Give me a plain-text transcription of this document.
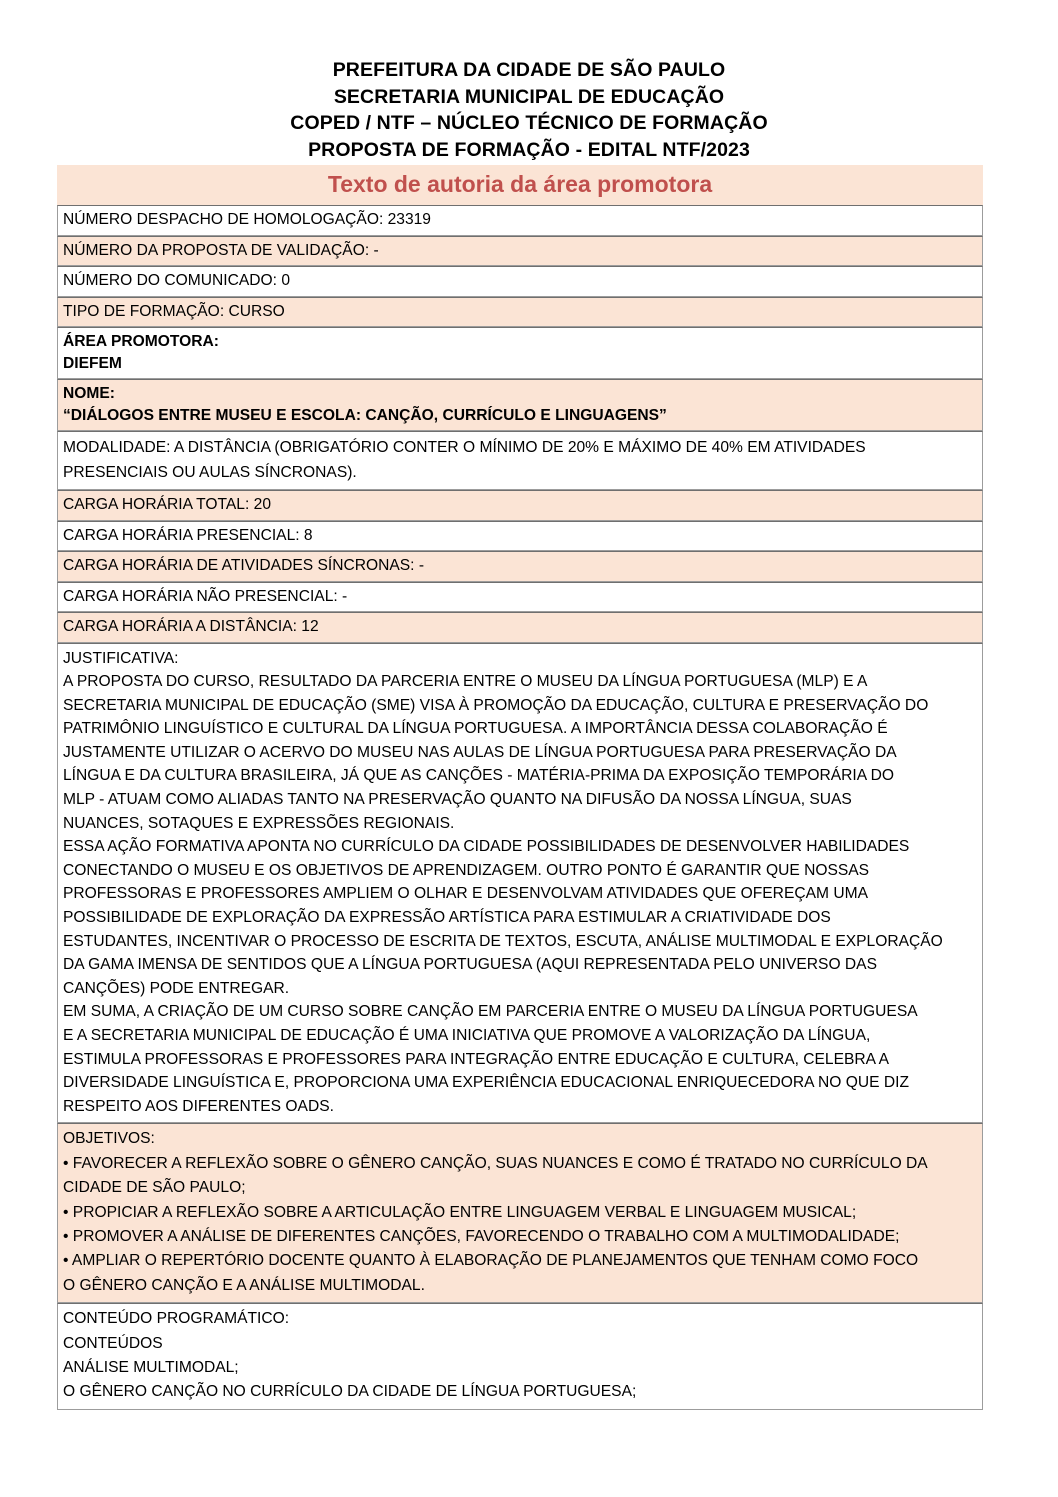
PREFEITURA DA CIDADE DE SÃO PAULO
SECRETARIA MUNICIPAL DE EDUCAÇÃO
COPED / NTF – NÚCLEO TÉCNICO DE FORMAÇÃO
PROPOSTA DE FORMAÇÃO - EDITAL NTF/2023
Texto de autoria da área promotora
NÚMERO DESPACHO DE HOMOLOGAÇÃO: 23319

NÚMERO DA PROPOSTA DE VALIDAÇÃO: -

NÚMERO DO COMUNICADO: 0

TIPO DE FORMAÇÃO: CURSO

ÁREA PROMOTORA:
DIEFEM

NOME:
“DIÁLOGOS ENTRE MUSEU E ESCOLA: CANÇÃO, CURRÍCULO E LINGUAGENS”

MODALIDADE: A DISTÂNCIA (OBRIGATÓRIO CONTER O MÍNIMO DE 20% E MÁXIMO DE 40% EM ATIVIDADES
PRESENCIAIS OU AULAS SÍNCRONAS).

CARGA HORÁRIA TOTAL: 20

CARGA HORÁRIA PRESENCIAL: 8

CARGA HORÁRIA DE ATIVIDADES SÍNCRONAS: -

CARGA HORÁRIA NÃO PRESENCIAL: -

CARGA HORÁRIA A DISTÂNCIA: 12

JUSTIFICATIVA:
A PROPOSTA DO CURSO, RESULTADO DA PARCERIA ENTRE O MUSEU DA LÍNGUA PORTUGUESA (MLP) E A
SECRETARIA MUNICIPAL DE EDUCAÇÃO (SME) VISA À PROMOÇÃO DA EDUCAÇÃO, CULTURA E PRESERVAÇÃO DO
PATRIMÔNIO LINGUÍSTICO E CULTURAL DA LÍNGUA PORTUGUESA. A IMPORTÂNCIA DESSA COLABORAÇÃO É
JUSTAMENTE UTILIZAR O ACERVO DO MUSEU NAS AULAS DE LÍNGUA PORTUGUESA PARA PRESERVAÇÃO DA
LÍNGUA E DA CULTURA BRASILEIRA, JÁ QUE AS CANÇÕES - MATÉRIA-PRIMA DA EXPOSIÇÃO TEMPORÁRIA DO
MLP - ATUAM COMO ALIADAS TANTO NA PRESERVAÇÃO QUANTO NA DIFUSÃO DA NOSSA LÍNGUA, SUAS
NUANCES, SOTAQUES E EXPRESSÕES REGIONAIS.
ESSA AÇÃO FORMATIVA APONTA NO CURRÍCULO DA CIDADE POSSIBILIDADES DE DESENVOLVER HABILIDADES
CONECTANDO O MUSEU E OS OBJETIVOS DE APRENDIZAGEM. OUTRO PONTO É GARANTIR QUE NOSSAS
PROFESSORAS E PROFESSORES AMPLIEM O OLHAR E DESENVOLVAM ATIVIDADES QUE OFEREÇAM UMA
POSSIBILIDADE DE EXPLORAÇÃO DA EXPRESSÃO ARTÍSTICA PARA ESTIMULAR A CRIATIVIDADE DOS
ESTUDANTES, INCENTIVAR O PROCESSO DE ESCRITA DE TEXTOS, ESCUTA, ANÁLISE MULTIMODAL E EXPLORAÇÃO
DA GAMA IMENSA DE SENTIDOS QUE A LÍNGUA PORTUGUESA (AQUI REPRESENTADA PELO UNIVERSO DAS
CANÇÕES) PODE ENTREGAR.
EM SUMA, A CRIAÇÃO DE UM CURSO SOBRE CANÇÃO EM PARCERIA ENTRE O MUSEU DA LÍNGUA PORTUGUESA
E A SECRETARIA MUNICIPAL DE EDUCAÇÃO É UMA INICIATIVA QUE PROMOVE A VALORIZAÇÃO DA LÍNGUA,
ESTIMULA PROFESSORAS E PROFESSORES PARA INTEGRAÇÃO ENTRE EDUCAÇÃO E CULTURA, CELEBRA A
DIVERSIDADE LINGUÍSTICA E, PROPORCIONA UMA EXPERIÊNCIA EDUCACIONAL ENRIQUECEDORA NO QUE DIZ
RESPEITO AOS DIFERENTES OADS.

OBJETIVOS:
• FAVORECER A REFLEXÃO SOBRE O GÊNERO CANÇÃO, SUAS NUANCES E COMO É TRATADO NO CURRÍCULO DA
CIDADE DE SÃO PAULO;
• PROPICIAR A REFLEXÃO SOBRE A ARTICULAÇÃO ENTRE LINGUAGEM VERBAL E LINGUAGEM MUSICAL;
• PROMOVER A ANÁLISE DE DIFERENTES CANÇÕES, FAVORECENDO O TRABALHO COM A MULTIMODALIDADE;
• AMPLIAR O REPERTÓRIO DOCENTE QUANTO À ELABORAÇÃO DE PLANEJAMENTOS QUE TENHAM COMO FOCO
O GÊNERO CANÇÃO E A ANÁLISE MULTIMODAL.

CONTEÚDO PROGRAMÁTICO:
CONTEÚDOS
ANÁLISE MULTIMODAL;
O GÊNERO CANÇÃO NO CURRÍCULO DA CIDADE DE LÍNGUA PORTUGUESA;
